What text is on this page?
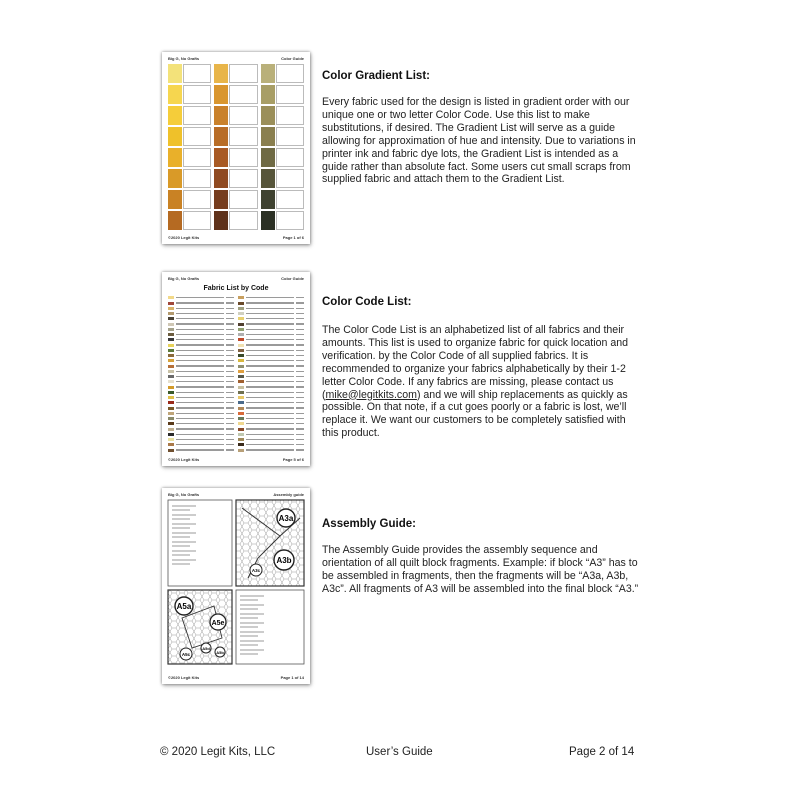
Big G, No Grafts	Color Guide
©2020 Legit Kits	Page 1 of 6
Color Gradient List:
Every fabric used for the design is listed in gradient order with our unique one or two letter Color Code. Use this list to make substitutions, if desired. The Gradient List will serve as a guide allowing for approximation of hue and intensity. Due to variations in printer ink and fabric dye lots, the Gradient List is intended as a guide rather than absolute fact. Some users cut small scraps from supplied fabric and attach them to the Gradient List.
Big G, No Grafts	Color Guide
Fabric List by Code
©2020 Legit Kits	Page 5 of 6
Color Code List:
The Color Code List is an alphabetized list of all fabrics and their amounts. This list is used to organize fabric for quick location and verification. by the Color Code of all supplied fabrics. It is recommended to organize your fabrics alphabetically by their 1-2 letter Color Code. If any fabrics are missing, please contact us (mike@legitkits.com) and we will ship replacements as quickly as possible. On that note, if a cut goes poorly or a fabric is lost, we’ll replace it. We want our customers to be completely satisfied with this product.
Big G, No Grafts	Assembly guide
A3a
A3b
A3c
A5a
A5e
A5c
A5d
A5b
©2020 Legit Kits	Page 1 of 14
Assembly Guide:
The Assembly Guide provides the assembly sequence and orientation of all quilt block fragments. Example: if block “A3” has to be assembled in fragments, then the fragments will be “A3a, A3b, A3c”. All fragments of A3 will be assembled into the final block “A3.”
© 2020 Legit Kits, LLC	User’s Guide	Page 2 of 14
